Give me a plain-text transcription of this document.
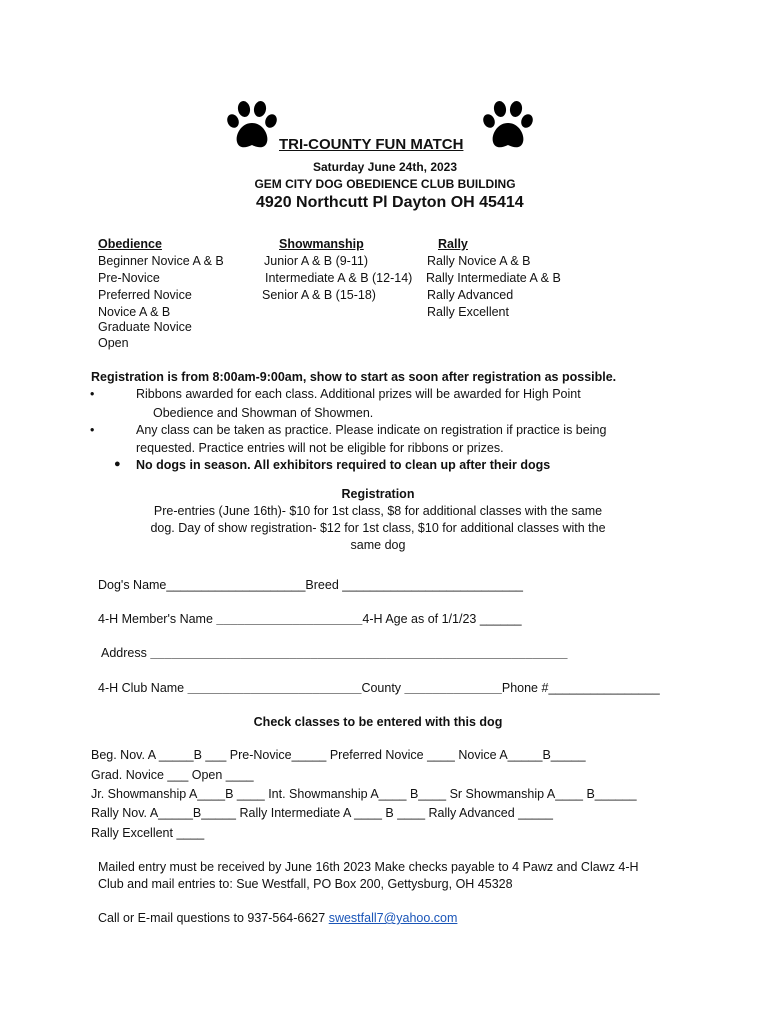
TRI-COUNTY FUN MATCH
Saturday June 24th, 2023
GEM CITY DOG OBEDIENCE CLUB BUILDING
4920 Northcutt Pl Dayton OH 45414
Obedience
Beginner Novice A & B
Pre-Novice
Preferred Novice
Novice A & B
Graduate Novice
Open
Showmanship
Junior A & B (9-11)
Intermediate A & B (12-14)
Senior A & B (15-18)
Rally
Rally Novice A & B
Rally Intermediate A & B
Rally Advanced
Rally Excellent
Registration is from 8:00am-9:00am, show to start as soon after registration as possible.
•	Ribbons awarded for each class. Additional prizes will be awarded for High Point
Obedience and Showman of Showmen.
•	Any class can be taken as practice. Please indicate on registration if practice is being
requested. Practice entries will not be eligible for ribbons or prizes.
● No dogs in season. All exhibitors required to clean up after their dogs
Registration
Pre-entries (June 16th)- $10 for 1st class, $8 for additional classes with the same
dog. Day of show registration- $12 for 1st class, $10 for additional classes with the
same dog
Dog's Name____________________Breed __________________________
4-H Member's Name _____________________4-H Age as of 1/1/23 ______
Address ____________________________________________________________
4-H Club Name _________________________County ______________Phone #________________
Check classes to be entered with this dog
Beg. Nov. A _____B ___ Pre-Novice_____ Preferred Novice ____ Novice A_____B_____
Grad. Novice ___ Open ____
Jr. Showmanship A____B ____ Int. Showmanship A____ B____ Sr Showmanship A____ B______
Rally Nov. A_____B_____ Rally Intermediate A ____ B ____ Rally Advanced _____
Rally Excellent ____
Mailed entry must be received by June 16th 2023 Make checks payable to 4 Pawz and Clawz 4-H
Club and mail entries to: Sue Westfall, PO Box 200, Gettysburg, OH 45328
Call or E-mail questions to 937-564-6627 swestfall7@yahoo.com
